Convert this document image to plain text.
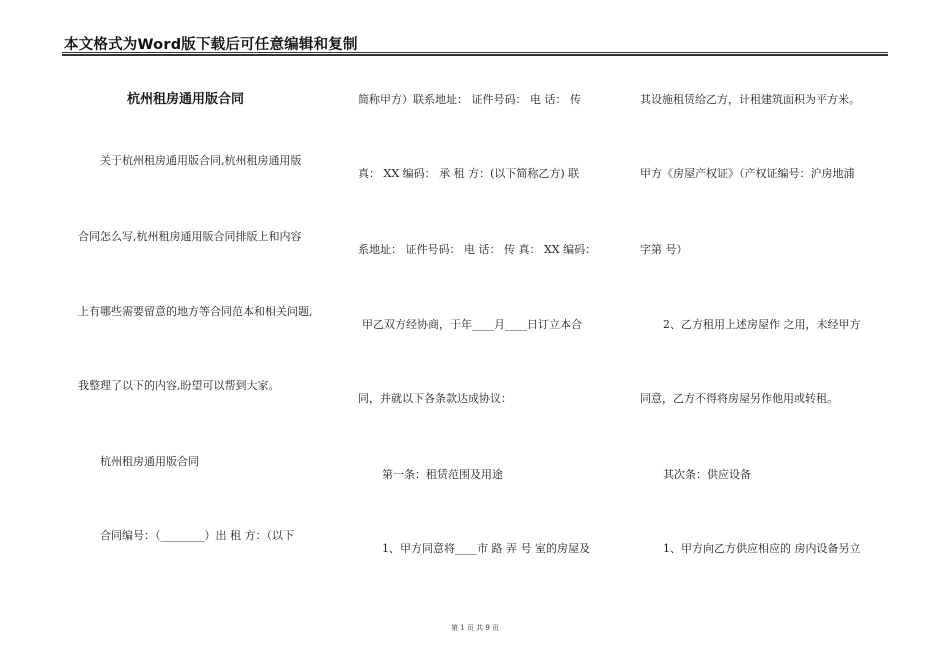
本文格式为Word版下载后可任意编辑和复制
杭州租房通用版合同
关于杭州租房通用版合同,杭州租房通用版
合同怎么写,杭州租房通用版合同排版上和内容
上有哪些需要留意的地方等合同范本和相关问题,
我整理了以下的内容,盼望可以帮到大家。
杭州租房通用版合同
合同编号：（________）出 租 方：（以下
简称甲方）联系地址： 证件号码： 电 话： 传
真： XX 编码： 承 租 方：(以下简称乙方) 联
系地址： 证件号码： 电 话： 传 真： XX 编码：
甲乙双方经协商，于年____月____日订立本合
同，并就以下各条款达成协议：
第一条：租赁范围及用途
1、甲方同意将____市 路 弄 号 室的房屋及
其设施租赁给乙方，计租建筑面积为平方米。
甲方《房屋产权证》（产权证编号：沪房地浦
字第 号）
2、乙方租用上述房屋作 之用，未经甲方
同意，乙方不得将房屋另作他用或转租。
其次条：供应设备
1、甲方向乙方供应相应的 房内设备另立
第 1 页 共 9 页
